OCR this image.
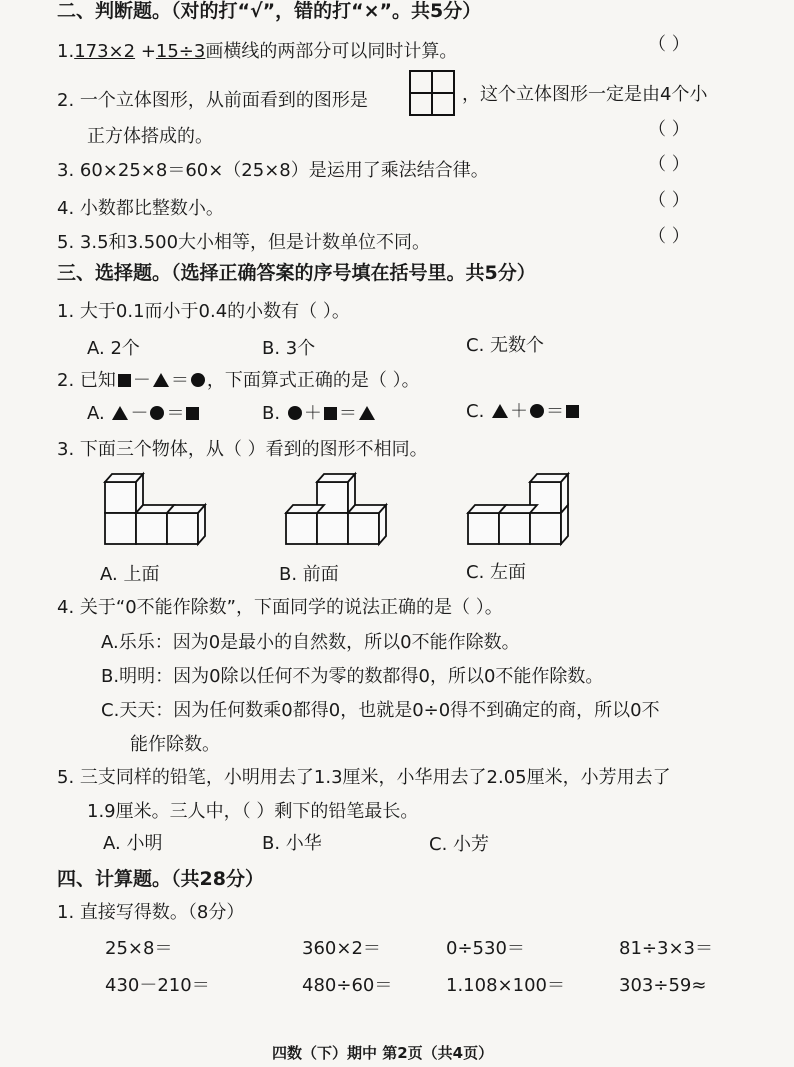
二、判断题。（对的打“√”，错的打“×”。共5分）
1.173×2 +15÷3画横线的两部分可以同时计算。	（ ）
2. 一个立体图形，从前面看到的图形是	，这个立体图形一定是由4个小
正方体搭成的。	（ ）
3. 60×25×8＝60×（25×8）是运用了乘法结合律。	（ ）
4. 小数都比整数小。	（ ）
5. 3.5和3.500大小相等，但是计数单位不同。	（ ）
三、选择题。（选择正确答案的序号填在括号里。共5分）
1. 大于0.1而小于0.4的小数有（ ）。
A. 2个	B. 3个	C. 无数个
2. 已知 － ＝ ，下面算式正确的是（ ）。
A. － ＝	B. ＋ ＝	C. ＋ ＝
3. 下面三个物体，从（ ）看到的图形不相同。
A. 上面	B. 前面	C. 左面
4. 关于“0不能作除数”，下面同学的说法正确的是（ ）。
A.乐乐：因为0是最小的自然数，所以0不能作除数。
B.明明：因为0除以任何不为零的数都得0，所以0不能作除数。
C.天天：因为任何数乘0都得0，也就是0÷0得不到确定的商，所以0不
能作除数。
5. 三支同样的铅笔，小明用去了1.3厘米，小华用去了2.05厘米，小芳用去了
1.9厘米。三人中，（ ）剩下的铅笔最长。
A. 小明	B. 小华	C. 小芳
四、计算题。（共28分）
1. 直接写得数。（8分）
25×8＝	360×2＝	0÷530＝	81÷3×3＝
430－210＝	480÷60＝	1.108×100＝	303÷59≈
四数（下）期中 第2页（共4页）
